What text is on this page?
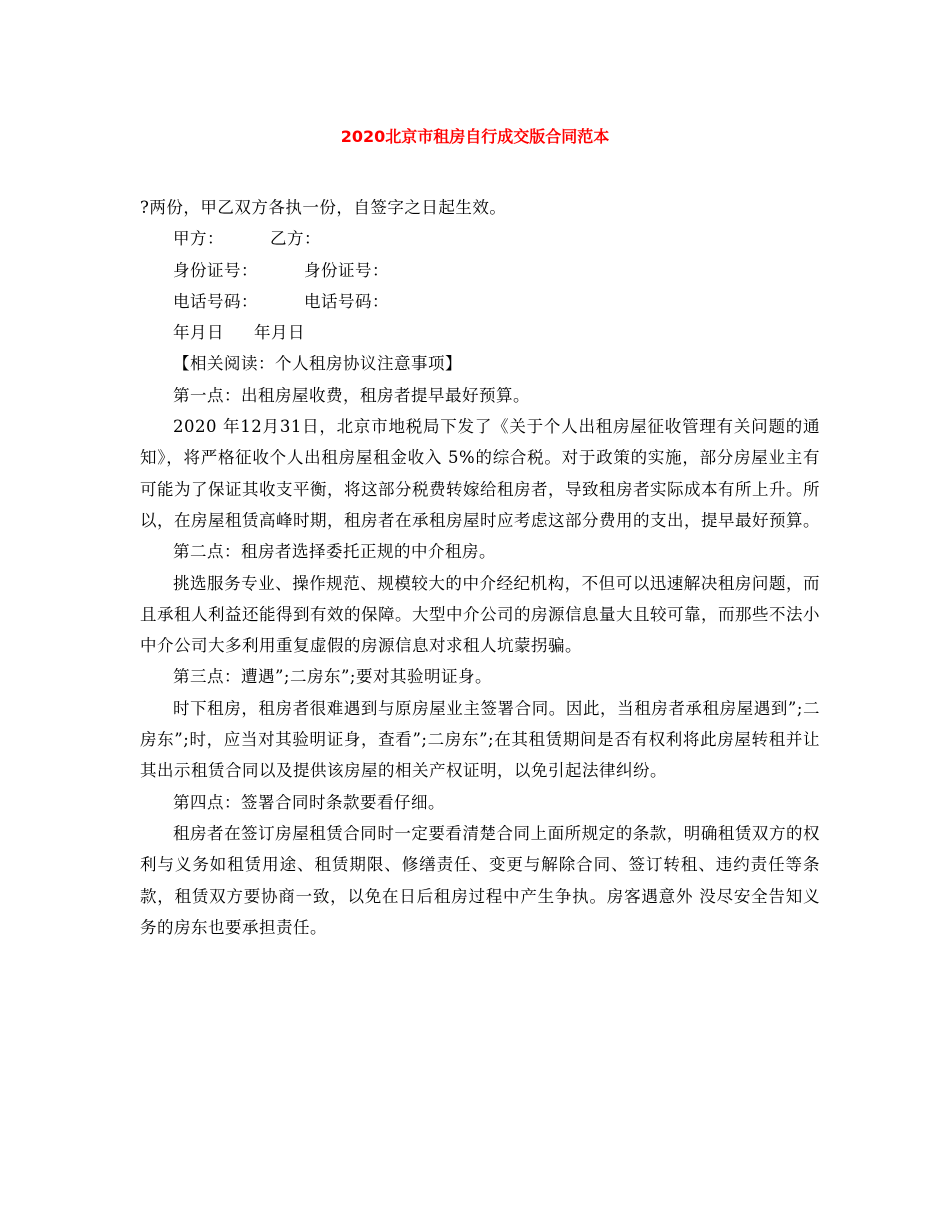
2020北京市租房自行成交版合同范本

?两份，甲乙双方各执一份，自签字之日起生效。

甲方：	乙方：

身份证号：	身份证号：

电话号码：	电话号码：

年月日 年月日

【相关阅读：个人租房协议注意事项】

第一点：出租房屋收费，租房者提早最好预算。

2020 年12月31日，北京市地税局下发了《关于个人出租房屋征收管理有关问题的通知》，将严格征收个人出租房屋租金收入 5%的综合税。对于政策的实施，部分房屋业主有可能为了保证其收支平衡，将这部分税费转嫁给租房者，导致租房者实际成本有所上升。所以，在房屋租赁高峰时期，租房者在承租房屋时应考虑这部分费用的支出，提早最好预算。

第二点：租房者选择委托正规的中介租房。

挑选服务专业、操作规范、规模较大的中介经纪机构，不但可以迅速解决租房问题，而且承租人利益还能得到有效的保障。大型中介公司的房源信息量大且较可靠，而那些不法小中介公司大多利用重复虚假的房源信息对求租人坑蒙拐骗。

第三点：遭遇”;二房东”;要对其验明证身。

时下租房，租房者很难遇到与原房屋业主签署合同。因此，当租房者承租房屋遇到”;二房东”;时，应当对其验明证身，查看”;二房东”;在其租赁期间是否有权利将此房屋转租并让其出示租赁合同以及提供该房屋的相关产权证明，以免引起法律纠纷。

第四点：签署合同时条款要看仔细。

租房者在签订房屋租赁合同时一定要看清楚合同上面所规定的条款，明确租赁双方的权利与义务如租赁用途、租赁期限、修缮责任、变更与解除合同、签订转租、违约责任等条款，租赁双方要协商一致，以免在日后租房过程中产生争执。房客遇意外 没尽安全告知义务的房东也要承担责任。
